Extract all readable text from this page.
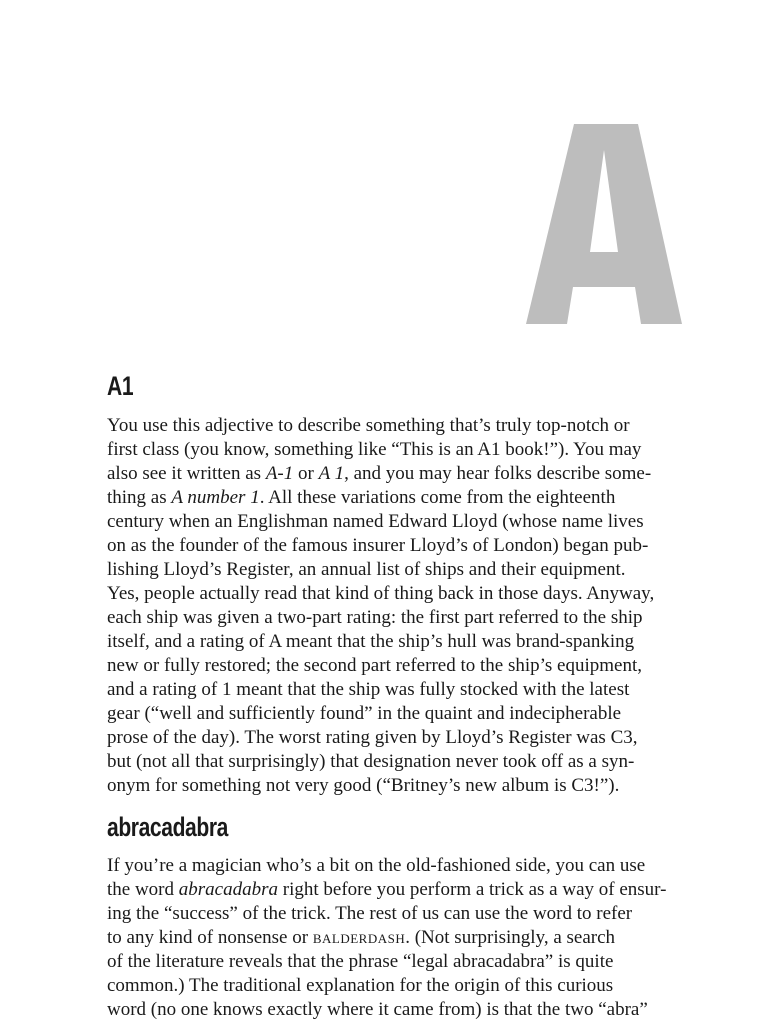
A1

You use this adjective to describe something that’s truly top-notch or
first class (you know, something like “This is an A1 book!”). You may
also see it written as A-1 or A 1, and you may hear folks describe some-
thing as A number 1. All these variations come from the eighteenth
century when an Englishman named Edward Lloyd (whose name lives
on as the founder of the famous insurer Lloyd’s of London) began pub-
lishing Lloyd’s Register, an annual list of ships and their equipment.
Yes, people actually read that kind of thing back in those days. Anyway,
each ship was given a two-part rating: the first part referred to the ship
itself, and a rating of A meant that the ship’s hull was brand-spanking
new or fully restored; the second part referred to the ship’s equipment,
and a rating of 1 meant that the ship was fully stocked with the latest
gear (“well and sufficiently found” in the quaint and indecipherable
prose of the day). The worst rating given by Lloyd’s Register was C3,
but (not all that surprisingly) that designation never took off as a syn-
onym for something not very good (“Britney’s new album is C3!”).

abracadabra

If you’re a magician who’s a bit on the old-fashioned side, you can use
the word abracadabra right before you perform a trick as a way of ensur-
ing the “success” of the trick. The rest of us can use the word to refer
to any kind of nonsense or balderdash. (Not surprisingly, a search
of the literature reveals that the phrase “legal abracadabra” is quite
common.) The traditional explanation for the origin of this curious
word (no one knows exactly where it came from) is that the two “abra”
